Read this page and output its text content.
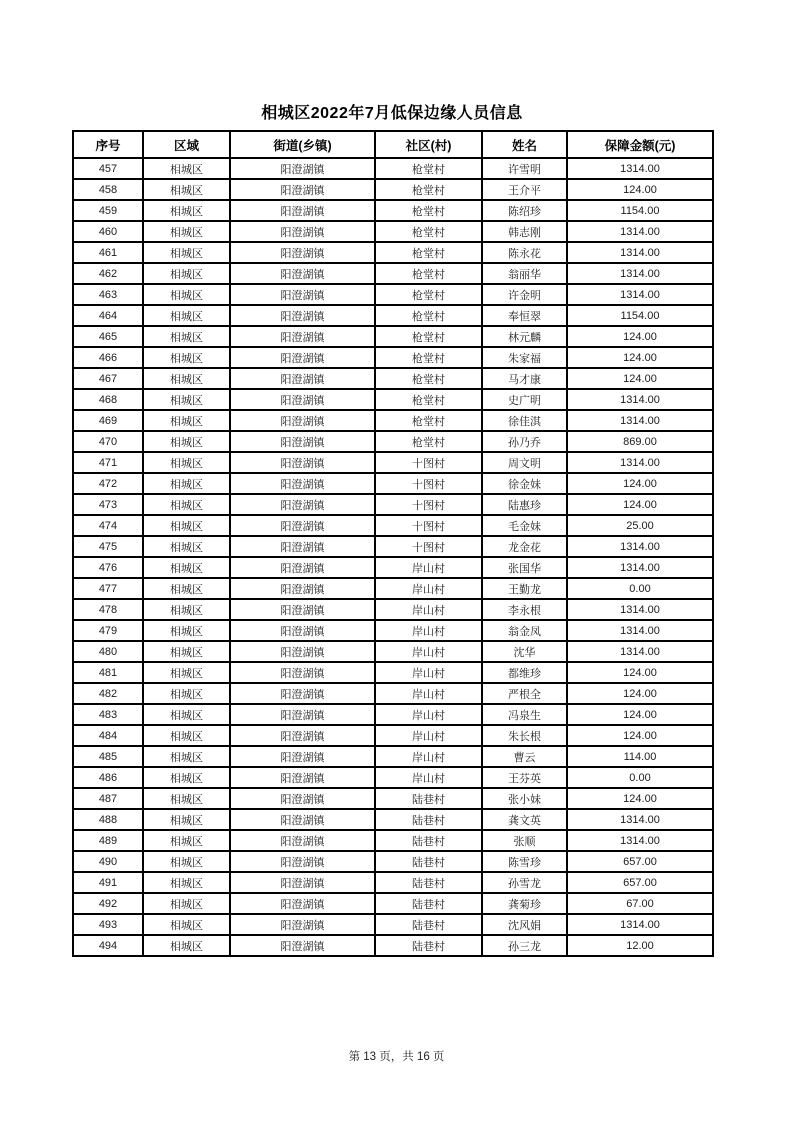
相城区2022年7月低保边缘人员信息
序号	区域	街道(乡镇)	社区(村)	姓名	保障金额(元)
457	相城区	阳澄湖镇	枪堂村	许雪明	1314.00
458	相城区	阳澄湖镇	枪堂村	王介平	124.00
459	相城区	阳澄湖镇	枪堂村	陈绍珍	1154.00
460	相城区	阳澄湖镇	枪堂村	韩志刚	1314.00
461	相城区	阳澄湖镇	枪堂村	陈永花	1314.00
462	相城区	阳澄湖镇	枪堂村	翁丽华	1314.00
463	相城区	阳澄湖镇	枪堂村	许金明	1314.00
464	相城区	阳澄湖镇	枪堂村	奉恒翠	1154.00
465	相城区	阳澄湖镇	枪堂村	林元麟	124.00
466	相城区	阳澄湖镇	枪堂村	朱家福	124.00
467	相城区	阳澄湖镇	枪堂村	马才康	124.00
468	相城区	阳澄湖镇	枪堂村	史广明	1314.00
469	相城区	阳澄湖镇	枪堂村	徐佳淇	1314.00
470	相城区	阳澄湖镇	枪堂村	孙乃乔	869.00
471	相城区	阳澄湖镇	十图村	周文明	1314.00
472	相城区	阳澄湖镇	十图村	徐金妹	124.00
473	相城区	阳澄湖镇	十图村	陆惠珍	124.00
474	相城区	阳澄湖镇	十图村	毛金妹	25.00
475	相城区	阳澄湖镇	十图村	龙金花	1314.00
476	相城区	阳澄湖镇	岸山村	张国华	1314.00
477	相城区	阳澄湖镇	岸山村	王勤龙	0.00
478	相城区	阳澄湖镇	岸山村	李永根	1314.00
479	相城区	阳澄湖镇	岸山村	翁金凤	1314.00
480	相城区	阳澄湖镇	岸山村	沈华	1314.00
481	相城区	阳澄湖镇	岸山村	都维珍	124.00
482	相城区	阳澄湖镇	岸山村	严根全	124.00
483	相城区	阳澄湖镇	岸山村	冯泉生	124.00
484	相城区	阳澄湖镇	岸山村	朱长根	124.00
485	相城区	阳澄湖镇	岸山村	曹云	114.00
486	相城区	阳澄湖镇	岸山村	王芬英	0.00
487	相城区	阳澄湖镇	陆巷村	张小妹	124.00
488	相城区	阳澄湖镇	陆巷村	龚文英	1314.00
489	相城区	阳澄湖镇	陆巷村	张顺	1314.00
490	相城区	阳澄湖镇	陆巷村	陈雪珍	657.00
491	相城区	阳澄湖镇	陆巷村	孙雪龙	657.00
492	相城区	阳澄湖镇	陆巷村	龚菊珍	67.00
493	相城区	阳澄湖镇	陆巷村	沈风娟	1314.00
494	相城区	阳澄湖镇	陆巷村	孙三龙	12.00
第 13 页，共 16 页
